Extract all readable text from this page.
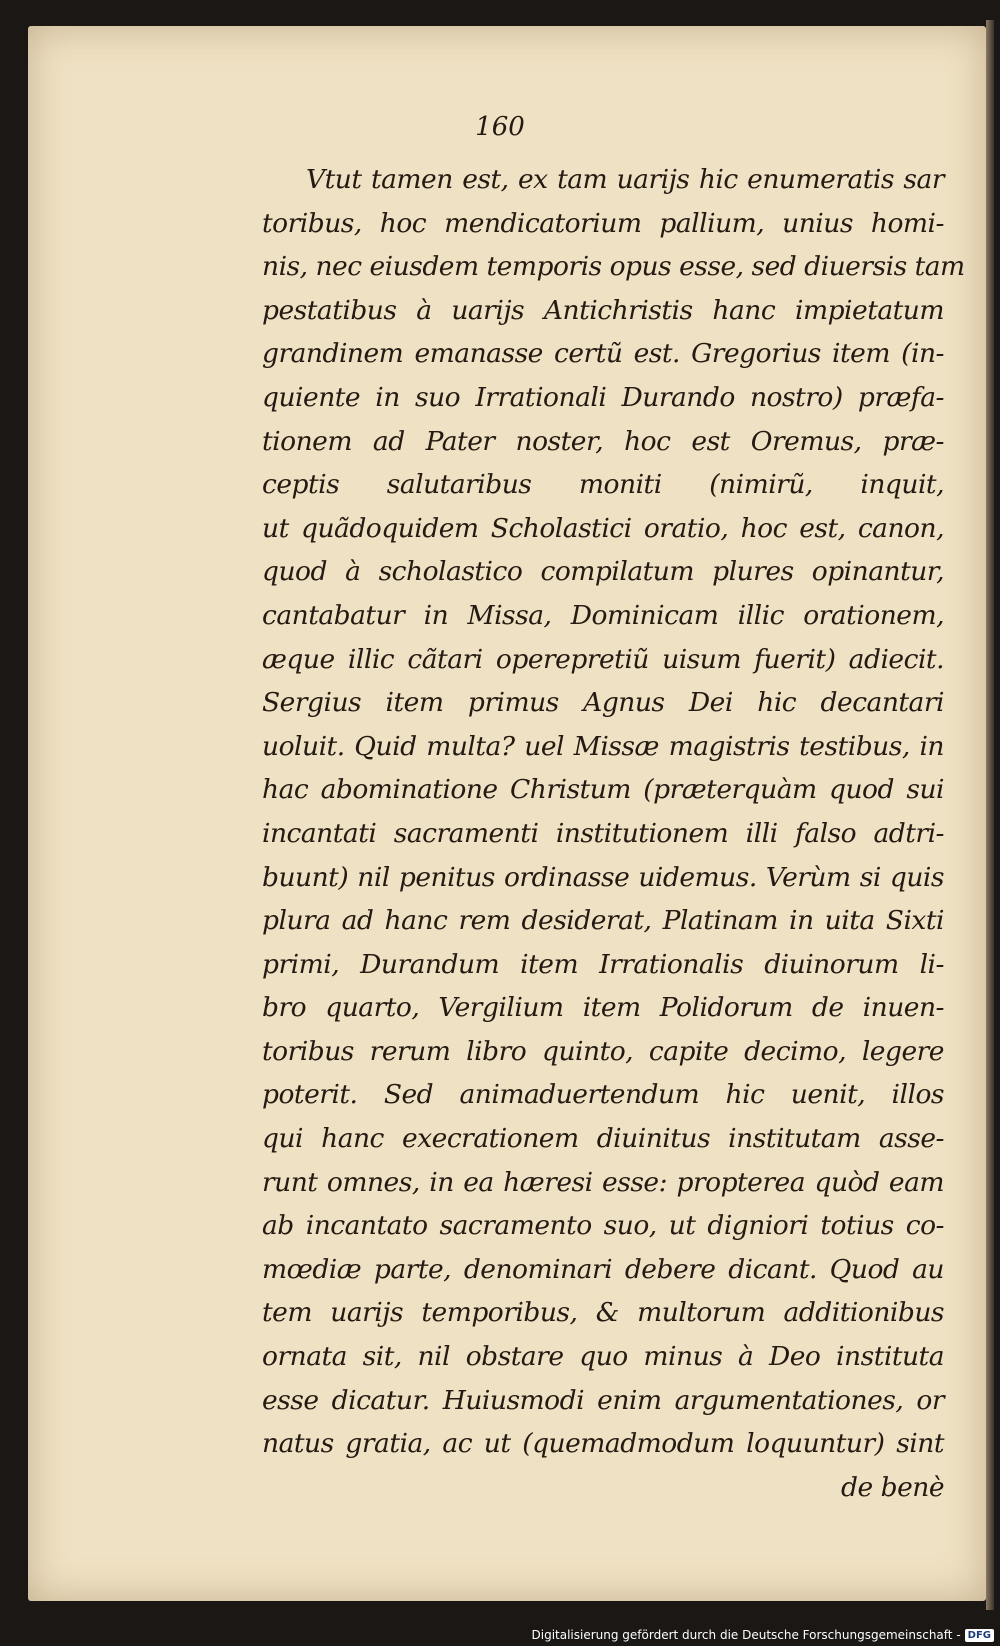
160
Vtut tamen est, ex tam uarijs hic enumeratis sar
toribus, hoc mendicatorium pallium, unius homi-
nis, nec eiusdem temporis opus esse, sed diuersis tam
pestatibus à uarijs Antichristis hanc impietatum
grandinem emanasse certũ est. Gregorius item (in-
quiente in suo Irrationali Durando nostro) præfa-
tionem ad Pater noster, hoc est Oremus, præ-
ceptis salutaribus moniti (nimirũ, inquit,
ut quãdoquidem Scholastici oratio, hoc est, canon,
quod à scholastico compilatum plures opinantur,
cantabatur in Missa, Dominicam illic orationem,
æque illic cãtari operepretiũ uisum fuerit) adiecit.
Sergius item primus Agnus Dei hic decantari
uoluit. Quid multa? uel Missæ magistris testibus, in
hac abominatione Christum (præterquàm quod sui
incantati sacramenti institutionem illi falso adtri-
buunt) nil penitus ordinasse uidemus. Verùm si quis
plura ad hanc rem desiderat, Platinam in uita Sixti
primi, Durandum item Irrationalis diuinorum li-
bro quarto, Vergilium item Polidorum de inuen-
toribus rerum libro quinto, capite decimo, legere
poterit. Sed animaduertendum hic uenit, illos
qui hanc execrationem diuinitus institutam asse-
runt omnes, in ea hæresi esse: propterea quòd eam
ab incantato sacramento suo, ut digniori totius co-
mœdiæ parte, denominari debere dicant. Quod au
tem uarijs temporibus, & multorum additionibus
ornata sit, nil obstare quo minus à Deo instituta
esse dicatur. Huiusmodi enim argumentationes, or
natus gratia, ac ut (quemadmodum loquuntur) sint
de benè
Digitalisierung gefördert durch die Deutsche Forschungsgemeinschaft - DFG
